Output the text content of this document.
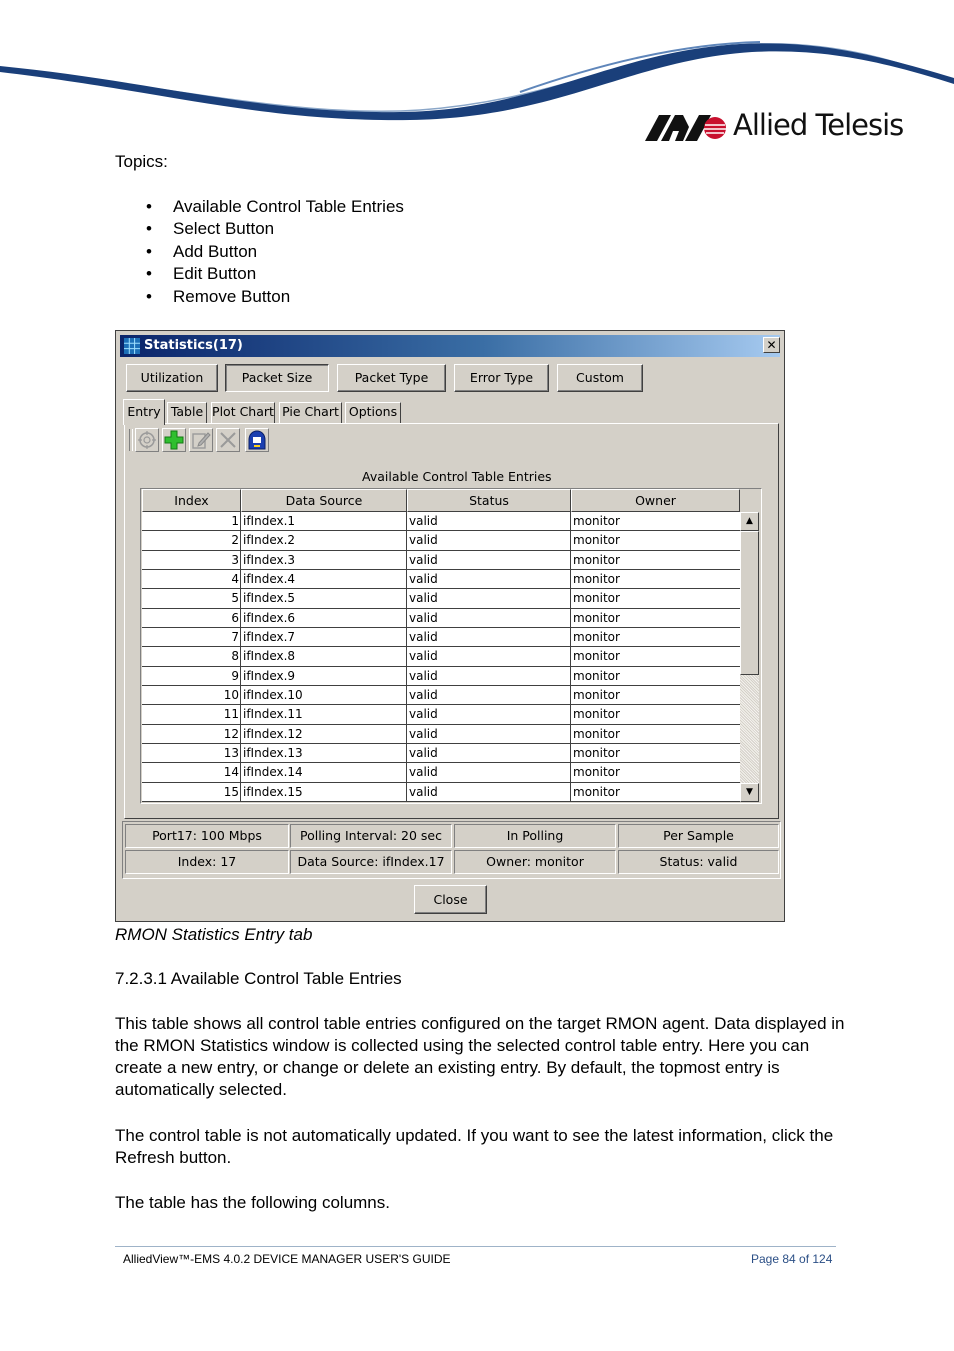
Allied Telesis
Topics:
• Available Control Table Entries
• Select Button
• Add Button
• Edit Button
• Remove Button
Statistics(17)	✕
Utilization	Packet Size	Packet Type	Error Type	Custom
Entry Table Plot Chart Pie Chart Options
Available Control Table Entries
Index	Data Source	Status	Owner
1 ifIndex.1	valid	monitor
2 ifIndex.2	valid	monitor
3 ifIndex.3	valid	monitor
4 ifIndex.4	valid	monitor
5 ifIndex.5	valid	monitor
6 ifIndex.6	valid	monitor
7 ifIndex.7	valid	monitor
8 ifIndex.8	valid	monitor
9 ifIndex.9	valid	monitor
10 ifIndex.10	valid	monitor
11 ifIndex.11	valid	monitor
12 ifIndex.12	valid	monitor
13 ifIndex.13	valid	monitor
14 ifIndex.14	valid	monitor
15 ifIndex.15	valid	monitor
▲
▼
Port17: 100 Mbps	Polling Interval: 20 sec	In Polling	Per Sample
Index: 17	Data Source: ifIndex.17	Owner: monitor	Status: valid
Close
RMON Statistics Entry tab
7.2.3.1 Available Control Table Entries
This table shows all control table entries configured on the target RMON agent. Data displayed in the RMON Statistics window is collected using the selected control table entry. Here you can create a new entry, or change or delete an existing entry. By default, the topmost entry is automatically selected.
The control table is not automatically updated. If you want to see the latest information, click the Refresh button.
The table has the following columns.
AlliedView™-EMS 4.0.2 DEVICE MANAGER USER'S GUIDE	Page 84 of 124
